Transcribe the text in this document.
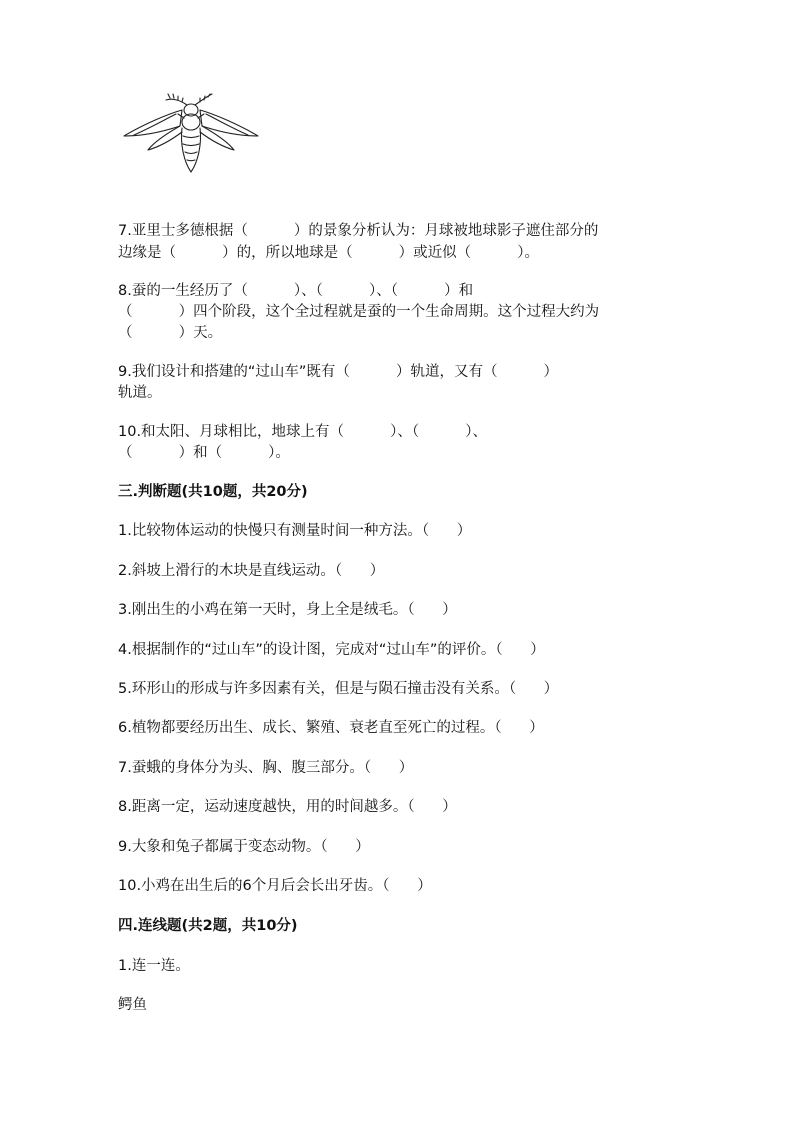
7.亚里士多德根据（          ）的景象分析认为：月球被地球影子遮住部分的
边缘是（          ）的，所以地球是（          ）或近似（          ）。
8.蚕的一生经历了（          ）、（          ）、（          ）和
（          ）四个阶段，这个全过程就是蚕的一个生命周期。这个过程大约为
（          ）天。
9.我们设计和搭建的“过山车”既有（          ）轨道，又有（          ）
轨道。
10.和太阳、月球相比，地球上有（          ）、（          ）、
（          ）和（          ）。
三.判断题(共10题，共20分)
1.比较物体运动的快慢只有测量时间一种方法。（      ）
2.斜坡上滑行的木块是直线运动。（      ）
3.刚出生的小鸡在第一天时，身上全是绒毛。（      ）
4.根据制作的“过山车”的设计图，完成对“过山车”的评价。（      ）
5.环形山的形成与许多因素有关，但是与陨石撞击没有关系。（      ）
6.植物都要经历出生、成长、繁殖、衰老直至死亡的过程。（      ）
7.蚕蛾的身体分为头、胸、腹三部分。（      ）
8.距离一定，运动速度越快，用的时间越多。（      ）
9.大象和兔子都属于变态动物。（      ）
10.小鸡在出生后的6个月后会长出牙齿。（      ）
四.连线题(共2题，共10分)
1.连一连。
鳄鱼
